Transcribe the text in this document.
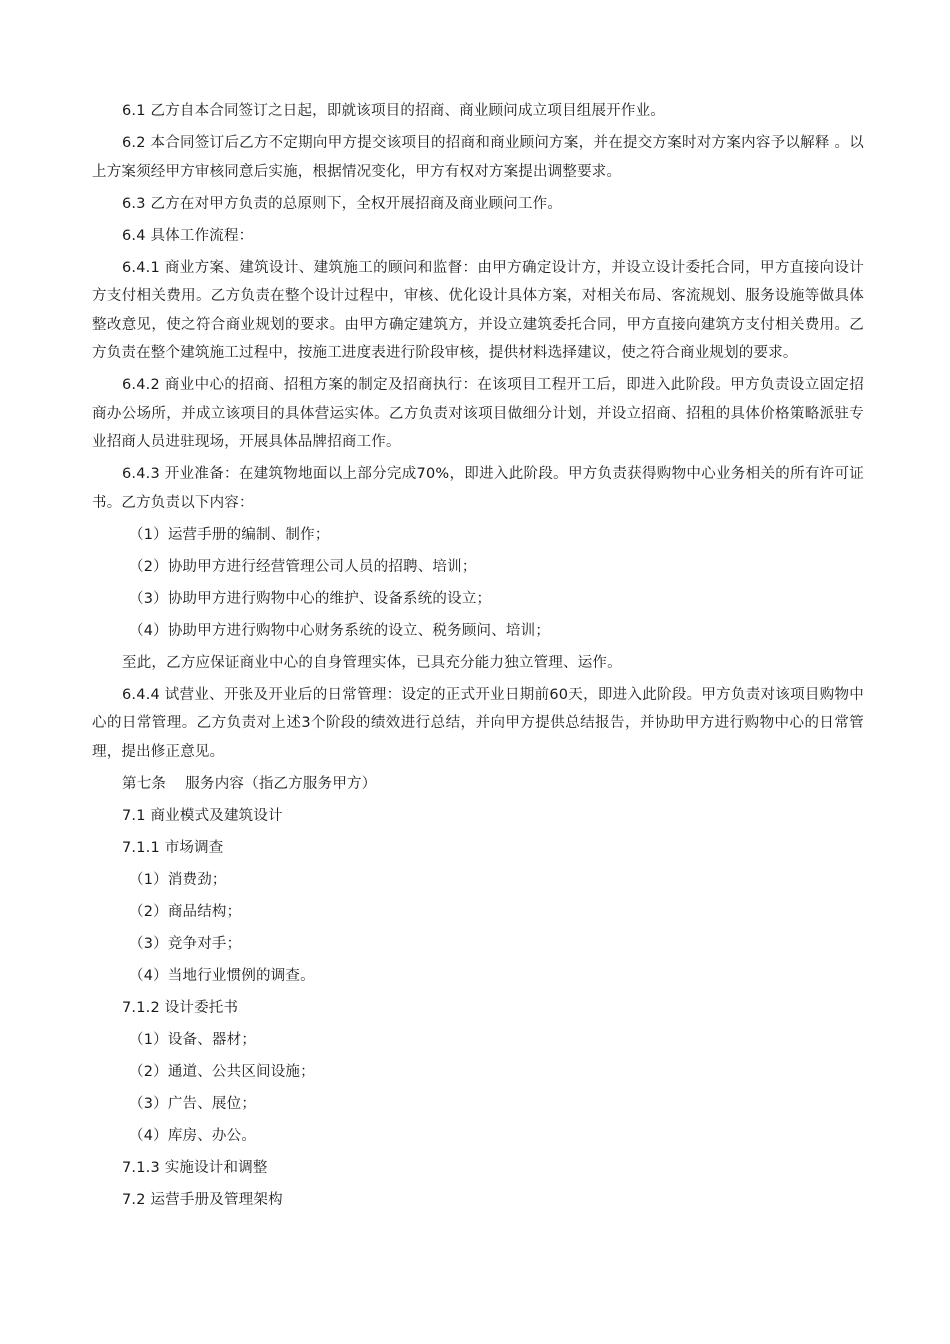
6.1 乙方自本合同签订之日起，即就该项目的招商、商业顾问成立项目组展开作业。

6.2 本合同签订后乙方不定期向甲方提交该项目的招商和商业顾问方案，并在提交方案时对方案内容予以解释 。以上方案须经甲方审核同意后实施，根据情况变化，甲方有权对方案提出调整要求。

6.3 乙方在对甲方负责的总原则下，全权开展招商及商业顾问工作。

6.4 具体工作流程：

6.4.1 商业方案、建筑设计、建筑施工的顾问和监督：由甲方确定设计方，并设立设计委托合同，甲方直接向设计方支付相关费用。乙方负责在整个设计过程中，审核、优化设计具体方案，对相关布局、客流规划、服务设施等做具体整改意见，使之符合商业规划的要求。由甲方确定建筑方，并设立建筑委托合同，甲方直接向建筑方支付相关费用。乙方负责在整个建筑施工过程中，按施工进度表进行阶段审核，提供材料选择建议，使之符合商业规划的要求。

6.4.2 商业中心的招商、招租方案的制定及招商执行：在该项目工程开工后，即进入此阶段。甲方负责设立固定招商办公场所，并成立该项目的具体营运实体。乙方负责对该项目做细分计划，并设立招商、招租的具体价格策略派驻专业招商人员进驻现场，开展具体品牌招商工作。

6.4.3 开业准备：在建筑物地面以上部分完成70%，即进入此阶段。甲方负责获得购物中心业务相关的所有许可证书。乙方负责以下内容：

（1）运营手册的编制、制作；

（2）协助甲方进行经营管理公司人员的招聘、培训；

（3）协助甲方进行购物中心的维护、设备系统的设立；

（4）协助甲方进行购物中心财务系统的设立、税务顾问、培训；

至此，乙方应保证商业中心的自身管理实体，已具充分能力独立管理、运作。

6.4.4 试营业、开张及开业后的日常管理：设定的正式开业日期前60天，即进入此阶段。甲方负责对该项目购物中心的日常管理。乙方负责对上述3个阶段的绩效进行总结，并向甲方提供总结报告，并协助甲方进行购物中心的日常管理，提出修正意见。

第七条    服务内容（指乙方服务甲方）

7.1 商业模式及建筑设计

7.1.1 市场调查

（1）消费劲；

（2）商品结构；

（3）竞争对手；

（4）当地行业惯例的调查。

7.1.2 设计委托书

（1）设备、器材；

（2）通道、公共区间设施；

（3）广告、展位；

（4）库房、办公。

7.1.3 实施设计和调整

7.2 运营手册及管理架构
